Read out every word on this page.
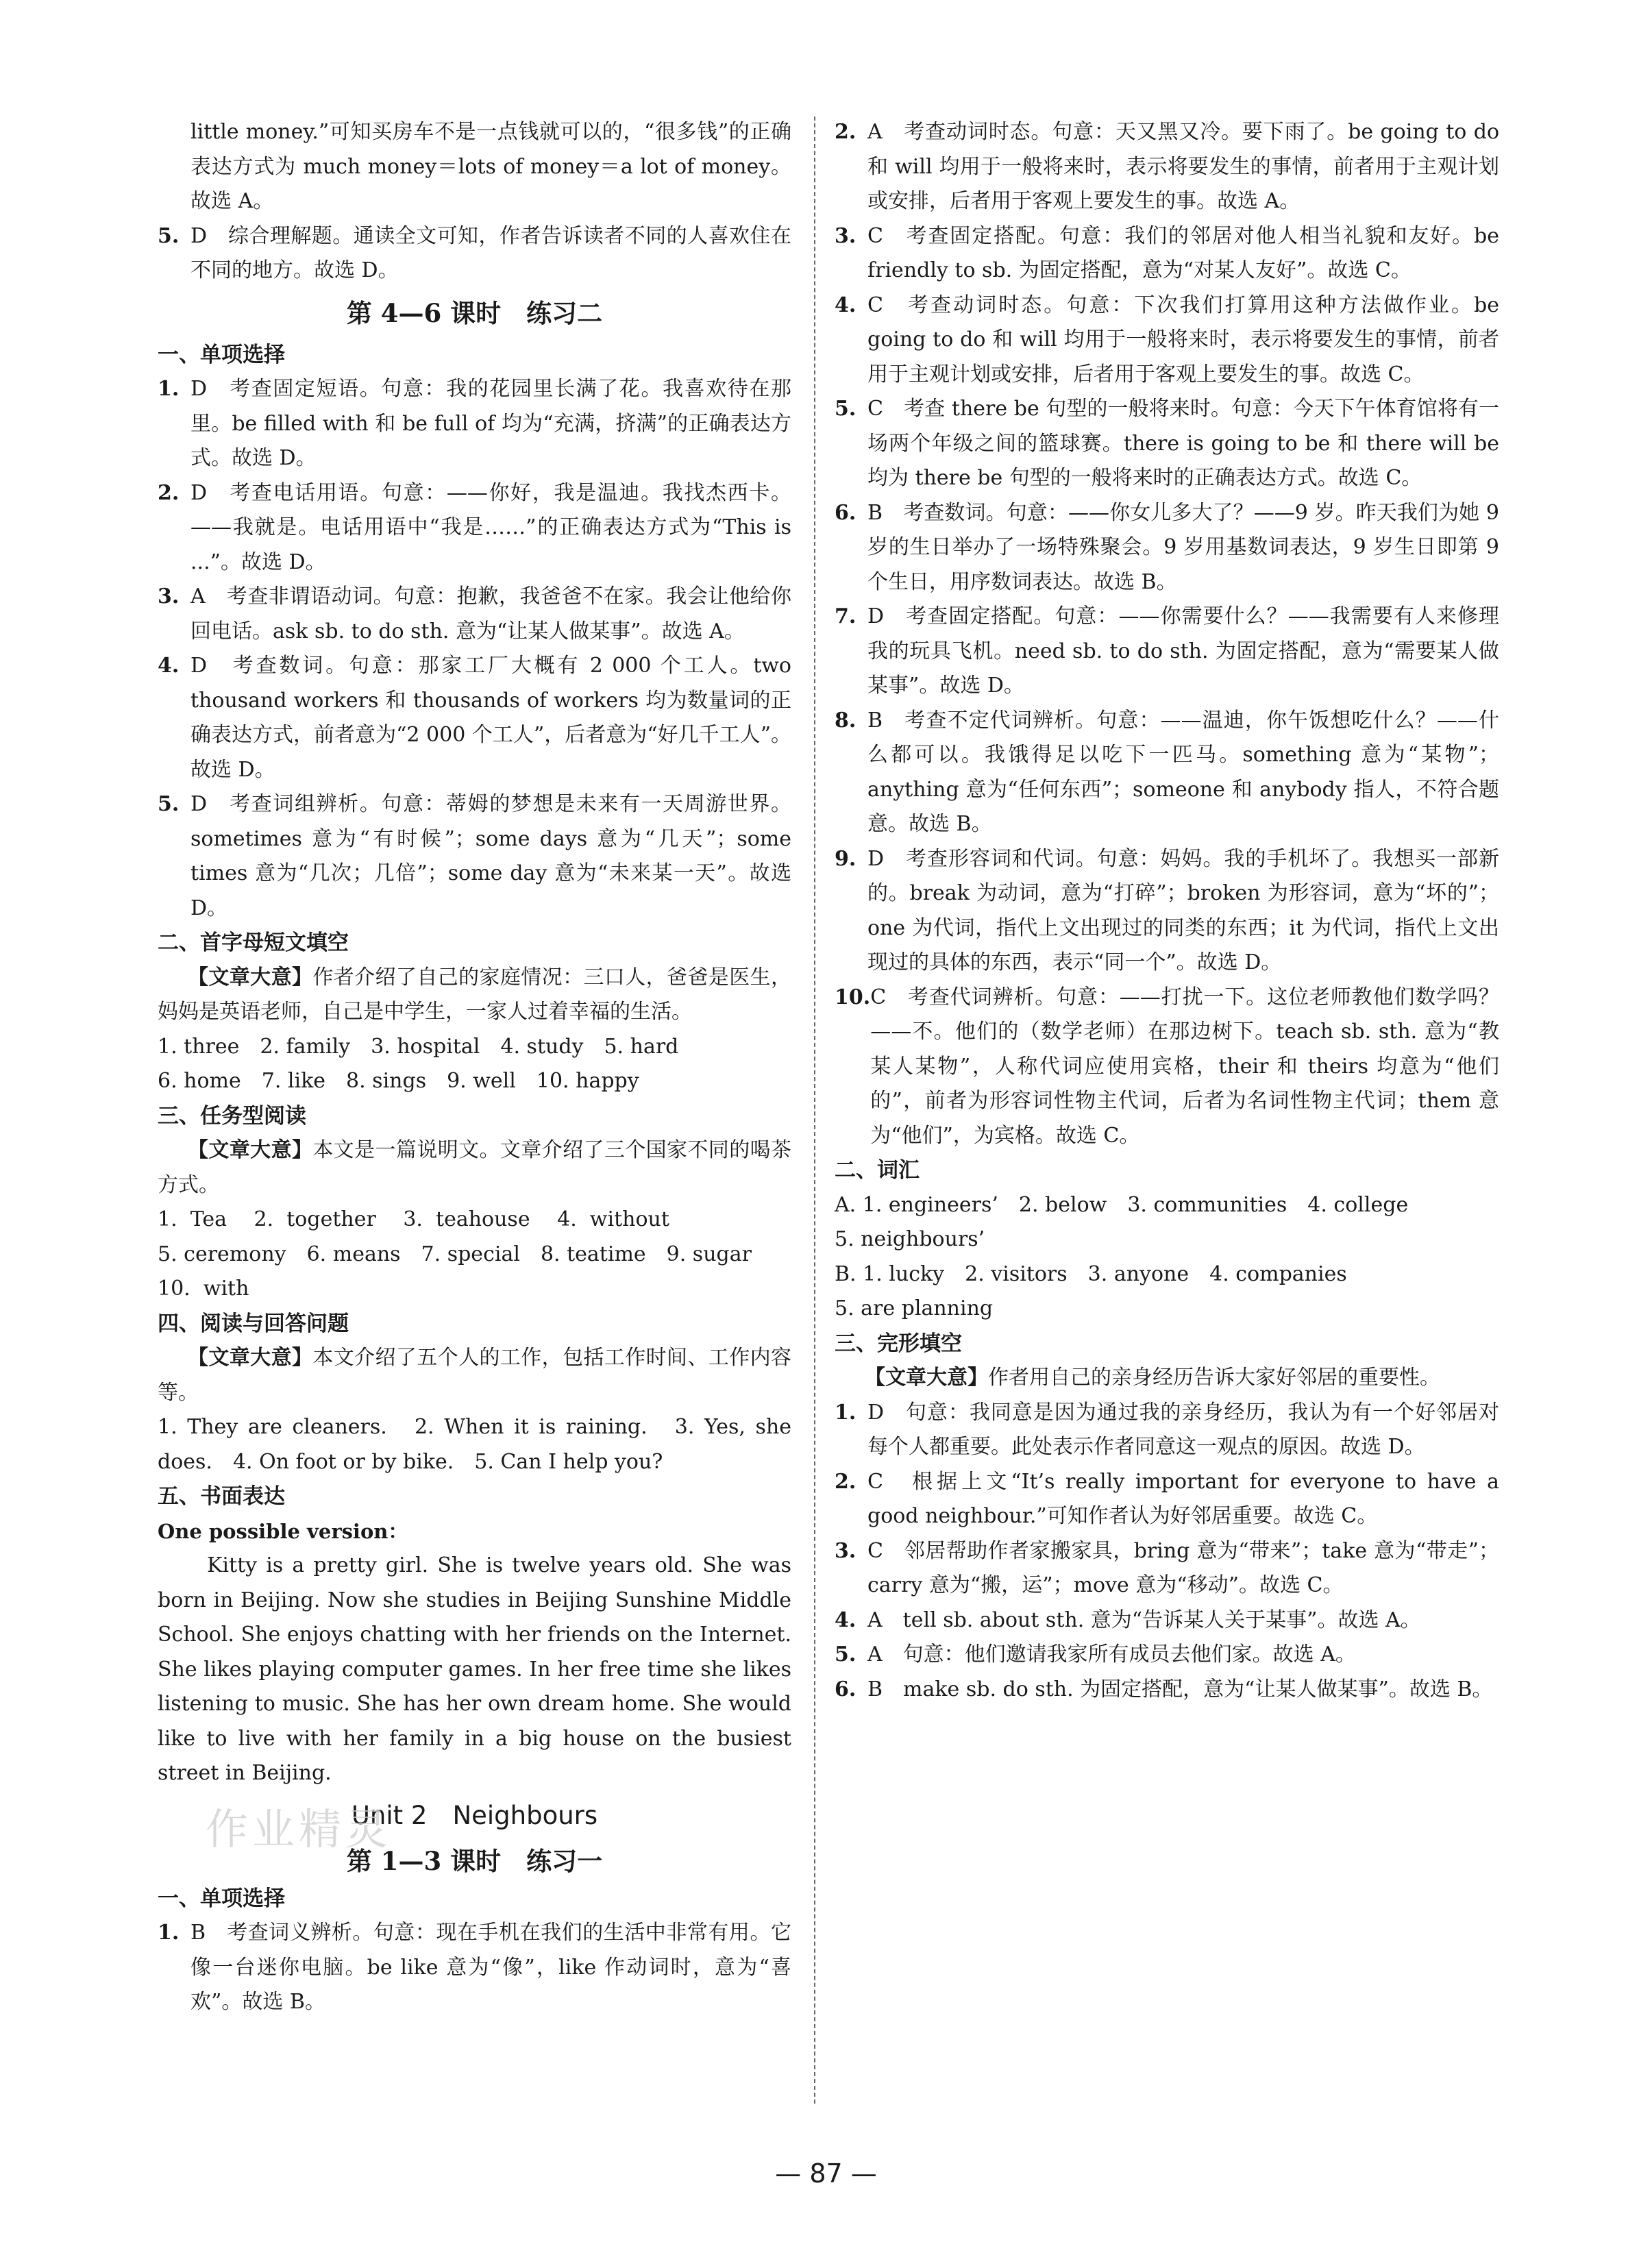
little money.”可知买房车不是一点钱就可以的，“很多钱”的正确表达方式为 much money＝lots of money＝a lot of money。故选 A。

5. D　综合理解题。通读全文可知，作者告诉读者不同的人喜欢住在不同的地方。故选 D。

第 4—6 课时　练习二

一、单项选择

1. D　考查固定短语。句意：我的花园里长满了花。我喜欢待在那里。be filled with 和 be full of 均为“充满，挤满”的正确表达方式。故选 D。
2. D　考查电话用语。句意：——你好，我是温迪。我找杰西卡。——我就是。电话用语中“我是……”的正确表达方式为“This is ...”。故选 D。
3. A　考查非谓语动词。句意：抱歉，我爸爸不在家。我会让他给你回电话。ask sb. to do sth. 意为“让某人做某事”。故选 A。
4. D　考查数词。句意：那家工厂大概有 2 000 个工人。two thousand workers 和 thousands of workers 均为数量词的正确表达方式，前者意为“2 000 个工人”，后者意为“好几千工人”。故选 D。
5. D　考查词组辨析。句意：蒂姆的梦想是未来有一天周游世界。sometimes 意为“有时候”；some days 意为“几天”；some times 意为“几次；几倍”；some day 意为“未来某一天”。故选 D。

二、首字母短文填空

【文章大意】作者介绍了自己的家庭情况：三口人，爸爸是医生，妈妈是英语老师，自己是中学生，一家人过着幸福的生活。

1. three　2. family　3. hospital　4. study　5. hard

6. home　7. like　8. sings　9. well　10. happy

三、任务型阅读

【文章大意】本文是一篇说明文。文章介绍了三个国家不同的喝茶方式。

1.  Tea　 2.  together　 3.  teahouse　 4.  without

5. ceremony　6. means　7. special　8. teatime　9. sugar

10.  with

四、阅读与回答问题

【文章大意】本文介绍了五个人的工作，包括工作时间、工作内容等。

1. They are cleaners.　2. When it is raining.　3. Yes, she does.　4. On foot or by bike.　5. Can I help you?

五、书面表达

One possible version：

Kitty is a pretty girl. She is twelve years old. She was born in Beijing. Now she studies in Beijing Sunshine Middle School. She enjoys chatting with her friends on the Internet. She likes playing computer games. In her free time she likes listening to music. She has her own dream home. She would like to live with her family in a big house on the busiest street in Beijing.

Unit 2　Neighbours

第 1—3 课时　练习一

一、单项选择

1. B　考查词义辨析。句意：现在手机在我们的生活中非常有用。它像一台迷你电脑。be like 意为“像”，like 作动词时，意为“喜欢”。故选 B。
2. A　考查动词时态。句意：天又黑又冷。要下雨了。be going to do 和 will 均用于一般将来时，表示将要发生的事情，前者用于主观计划或安排，后者用于客观上要发生的事。故选 A。
3. C　考查固定搭配。句意：我们的邻居对他人相当礼貌和友好。be friendly to sb. 为固定搭配，意为“对某人友好”。故选 C。
4. C　考查动词时态。句意：下次我们打算用这种方法做作业。be going to do 和 will 均用于一般将来时，表示将要发生的事情，前者用于主观计划或安排，后者用于客观上要发生的事。故选 C。
5. C　考查 there be 句型的一般将来时。句意：今天下午体育馆将有一场两个年级之间的篮球赛。there is going to be 和 there will be 均为 there be 句型的一般将来时的正确表达方式。故选 C。
6. B　考查数词。句意：——你女儿多大了？——9 岁。昨天我们为她 9 岁的生日举办了一场特殊聚会。9 岁用基数词表达，9 岁生日即第 9 个生日，用序数词表达。故选 B。
7. D　考查固定搭配。句意：——你需要什么？——我需要有人来修理我的玩具飞机。need sb. to do sth. 为固定搭配，意为“需要某人做某事”。故选 D。
8. B　考查不定代词辨析。句意：——温迪，你午饭想吃什么？——什么都可以。我饿得足以吃下一匹马。something 意为“某物”；anything 意为“任何东西”；someone 和 anybody 指人，不符合题意。故选 B。
9. D　考查形容词和代词。句意：妈妈。我的手机坏了。我想买一部新的。break 为动词，意为“打碎”；broken 为形容词，意为“坏的”；one 为代词，指代上文出现过的同类的东西；it 为代词，指代上文出现过的具体的东西，表示“同一个”。故选 D。
10. C　考查代词辨析。句意：——打扰一下。这位老师教他们数学吗？——不。他们的（数学老师）在那边树下。teach sb. sth. 意为“教某人某物”，人称代词应使用宾格，their 和 theirs 均意为“他们的”，前者为形容词性物主代词，后者为名词性物主代词；them 意为“他们”，为宾格。故选 C。

二、词汇

A. 1. engineers’　2. below　3. communities　4. college

5. neighbours’

B. 1. lucky　2. visitors　3. anyone　4. companies

5. are planning

三、完形填空

【文章大意】作者用自己的亲身经历告诉大家好邻居的重要性。

1. D　句意：我同意是因为通过我的亲身经历，我认为有一个好邻居对每个人都重要。此处表示作者同意这一观点的原因。故选 D。
2. C　根据上文“It’s really important for everyone to have a good neighbour.”可知作者认为好邻居重要。故选 C。
3. C　邻居帮助作者家搬家具，bring 意为“带来”；take 意为“带走”；carry 意为“搬，运”；move 意为“移动”。故选 C。
4. A　tell sb. about sth. 意为“告诉某人关于某事”。故选 A。
5. A　句意：他们邀请我家所有成员去他们家。故选 A。
6. B　make sb. do sth. 为固定搭配，意为“让某人做某事”。故选 B。
作业精灵
— 87 —
